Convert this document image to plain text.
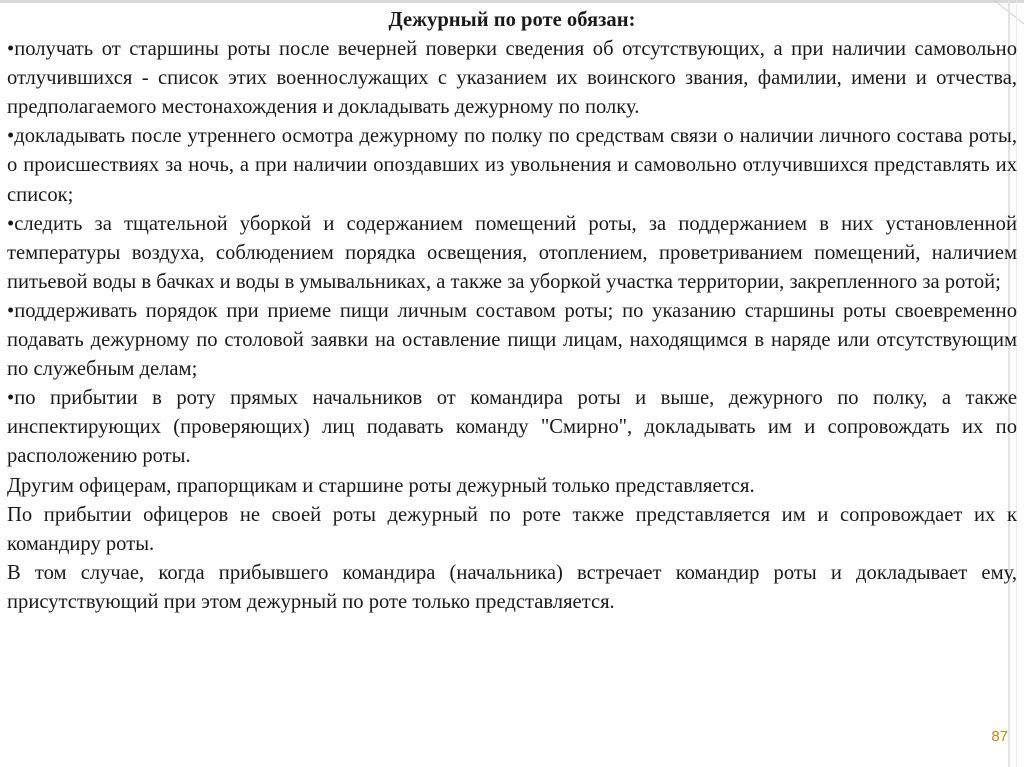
Дежурный по роте обязан:

•получать от старшины роты после вечерней поверки сведения об отсутствующих, а при наличии самовольно отлучившихся - список этих военнослужащих с указанием их воинского звания, фамилии, имени и отчества, предполагаемого местонахождения и докладывать дежурному по полку.

•докладывать после утреннего осмотра дежурному по полку по средствам связи о наличии личного состава роты, о происшествиях за ночь, а при наличии опоздавших из увольнения и самовольно отлучившихся представлять их список;

•следить за тщательной уборкой и содержанием помещений роты, за поддержанием в них установленной температуры воздуха, соблюдением порядка освещения, отоплением, проветриванием помещений, наличием питьевой воды в бачках и воды в умывальниках, а также за уборкой участка территории, закрепленного за ротой;

•поддерживать порядок при приеме пищи личным составом роты; по указанию старшины роты своевременно подавать дежурному по столовой заявки на оставление пищи лицам, находящимся в наряде или отсутствующим по служебным делам;

•по прибытии в роту прямых начальников от командира роты и выше, дежурного по полку, а также инспектирующих (проверяющих) лиц подавать команду "Смирно", докладывать им и сопровождать их по расположению роты.

Другим офицерам, прапорщикам и старшине роты дежурный только представляется.

По прибытии офицеров не своей роты дежурный по роте также представляется им и сопровождает их к командиру роты.

В том случае, когда прибывшего командира (начальника) встречает командир роты и докладывает ему, присутствующий при этом дежурный по роте только представляется.

87
